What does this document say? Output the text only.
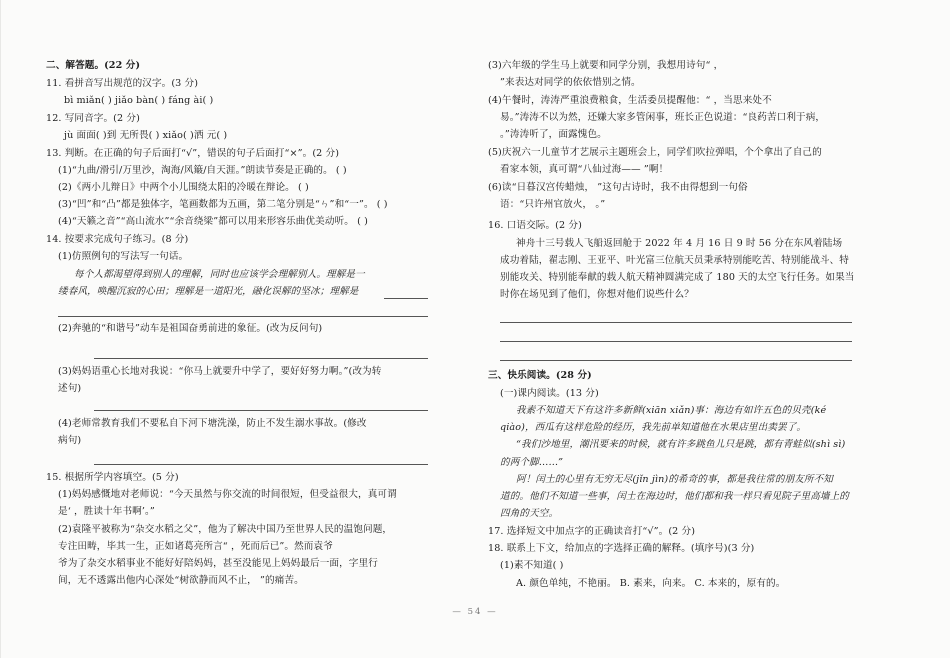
二、解答题。(22 分)
11. 看拼音写出规范的汉字。(3 分)
bì miǎn( ) jiǎo bàn( ) fáng ài( )
12. 写同音字。(2 分)
jù 面面( )到 无所畏( ) xiǎo( )洒 元( )
13. 判断。在正确的句子后面打“√”，错误的句子后面打“×”。(2 分)
(1)“九曲/滑引/万里沙，淘海/风簸/自天涯。”朗读节奏是正确的。 ( )
(2)《两小儿辩日》中两个小儿围绕太阳的冷暖在辩论。 ( )
(3)“凹”和“凸”都是独体字，笔画数都为五画，第二笔分别是“ㄣ”和“一”。 ( )
(4)“天籁之音”“高山流水”“余音绕梁”都可以用来形容乐曲优美动听。 ( )
14. 按要求完成句子练习。(8 分)
(1)仿照例句的写法写一句话。
每个人都渴望得到别人的理解，同时也应该学会理解别人。理解是一
缕春风，唤醒沉寂的心田；理解是一道阳光，融化误解的坚冰；理解是
(2)奔驰的“和谐号”动车是祖国奋勇前进的象征。(改为反问句)
(3)妈妈语重心长地对我说：“你马上就要升中学了，要好好努力啊。”(改为转
述句)
(4)老师常教育我们不要私自下河下塘洗澡，防止不发生溺水事故。(修改
病句)
15. 根据所学内容填空。(5 分)
(1)妈妈感慨地对老师说：“今天虽然与你交流的时间很短，但受益很大，真可谓
是‘ ，胜读十年书啊’。”
(2)袁隆平被称为“杂交水稻之父”，他为了解决中国乃至世界人民的温饱问题，
专注田畴，毕其一生，正如诸葛亮所言“ ，死而后已”。然而袁爷
爷为了杂交水稻事业不能好好陪妈妈，甚至没能见上妈妈最后一面，字里行
间，无不透露出他内心深处“树欲静而风不止， ”的痛苦。
(3)六年级的学生马上就要和同学分别，我想用诗句“ ，
”来表达对同学的依依惜别之情。
(4)午餐时，涛涛严重浪费粮食，生活委员提醒他：“ ，当思来处不
易。”涛涛不以为然，还嫌大家多管闲事，班长正色说道：“良药苦口利于病，
。”涛涛听了，面露愧色。
(5)庆祝六一儿童节才艺展示主题班会上，同学们吹拉弹唱，个个拿出了自己的
看家本领，真可谓“八仙过海—— ”啊！
(6)读“日暮汉宫传蜡烛， ”这句古诗时，我不由得想到一句俗
语：“只许州官放火， 。”
16. 口语交际。(2 分)
神舟十三号载人飞船返回舱于 2022 年 4 月 16 日 9 时 56 分在东风着陆场
成功着陆，翟志刚、王亚平、叶光富三位航天员秉承特别能吃苦、特别能战斗、特
别能攻关、特别能奉献的载人航天精神圆满完成了 180 天的太空飞行任务。如果当
时你在场见到了他们，你想对他们说些什么？
三、快乐阅读。(28 分)
(一)课内阅读。(13 分)
我素不知道天下有这许多新鲜(xiān xiǎn)事：海边有如许五色的贝壳(ké
qiào)，西瓜有这样危险的经历，我先前单知道他在水果店里出卖罢了。
“我们沙地里，潮汛要来的时候，就有许多跳鱼儿只是跳，都有青蛙似(shì sì)
的两个脚……”
阿！闰土的心里有无穷无尽(jǐn jìn)的希奇的事，都是我往常的朋友所不知
道的。他们不知道一些事，闰土在海边时，他们都和我一样只看见院子里高墙上的
四角的天空。
17. 选择短文中加点字的正确读音打“√”。(2 分)
18. 联系上下文，给加点的字选择正确的解释。(填序号)(3 分)
(1)素不知道( )
A. 颜色单纯，不艳丽。 B. 素来，向来。 C. 本来的，原有的。
— 54 —
